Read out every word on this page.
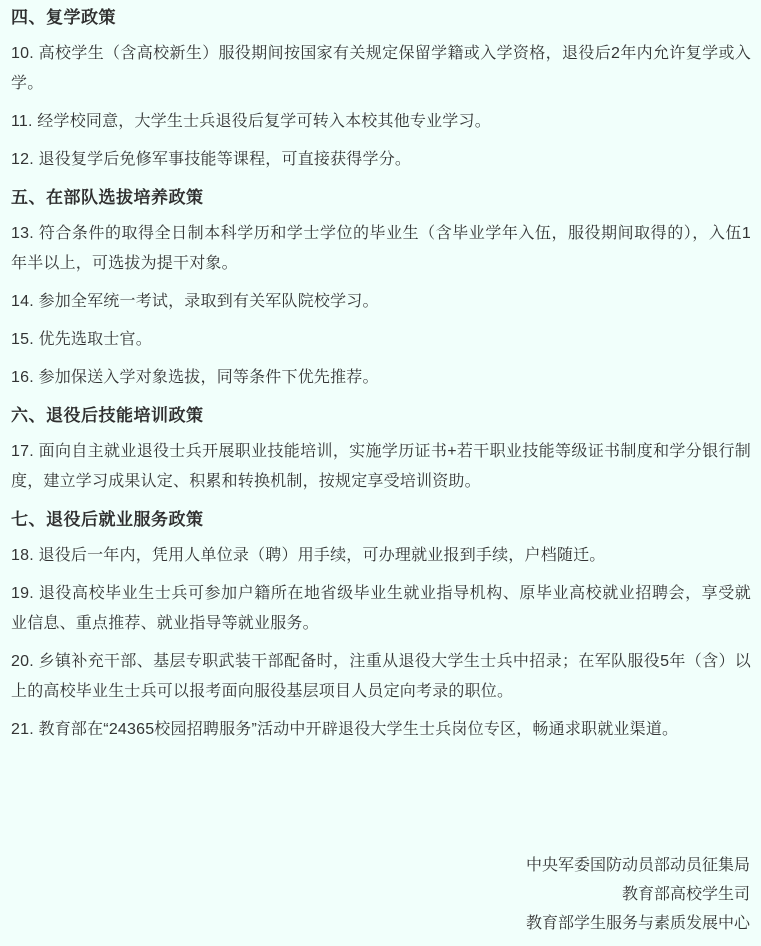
四、复学政策

10. 高校学生（含高校新生）服役期间按国家有关规定保留学籍或入学资格，退役后2年内允许复学或入学。

11. 经学校同意，大学生士兵退役后复学可转入本校其他专业学习。

12. 退役复学后免修军事技能等课程，可直接获得学分。

五、在部队选拔培养政策

13. 符合条件的取得全日制本科学历和学士学位的毕业生（含毕业学年入伍，服役期间取得的），入伍1年半以上，可选拔为提干对象。

14. 参加全军统一考试，录取到有关军队院校学习。

15. 优先选取士官。

16. 参加保送入学对象选拔，同等条件下优先推荐。

六、退役后技能培训政策

17. 面向自主就业退役士兵开展职业技能培训，实施学历证书+若干职业技能等级证书制度和学分银行制度，建立学习成果认定、积累和转换机制，按规定享受培训资助。

七、退役后就业服务政策

18. 退役后一年内，凭用人单位录（聘）用手续，可办理就业报到手续，户档随迁。

19. 退役高校毕业生士兵可参加户籍所在地省级毕业生就业指导机构、原毕业高校就业招聘会，享受就业信息、重点推荐、就业指导等就业服务。

20. 乡镇补充干部、基层专职武装干部配备时，注重从退役大学生士兵中招录；在军队服役5年（含）以上的高校毕业生士兵可以报考面向服役基层项目人员定向考录的职位。

21. 教育部在“24365校园招聘服务”活动中开辟退役大学生士兵岗位专区，畅通求职就业渠道。

中央军委国防动员部动员征集局
教育部高校学生司
教育部学生服务与素质发展中心
